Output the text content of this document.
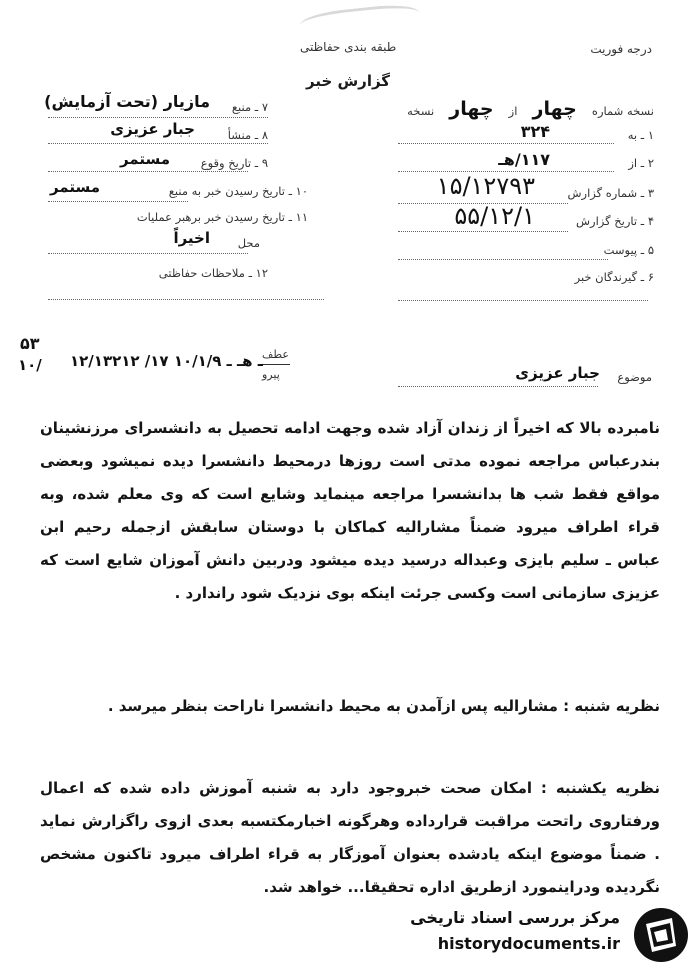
درجه فوریت
طبقه بندی حفاظتی
گزارش خبر
نسخه شماره چهار از چهار نسخه
۱ ـ به
۳۲۴
۲ ـ از
۱۱۷/هـ
۳ ـ شماره گزارش
۱۵/۱۲۷۹۳
۴ ـ تاریخ گزارش
۵۵/۱۲/۱
۵ ـ پیوست
۶ ـ گیرندگان خبر
۷ ـ منبع
مازیار (تحت آزمایش)
۸ ـ منشأ
جبار عزیزی
۹ ـ تاریخ وقوع
مستمر
۱۰ ـ تاریخ رسیدن خبر به منبع
مستمر
۱۱ ـ تاریخ رسیدن خبر برهبر عملیات
محل
اخیراً
۱۲ ـ ملاحظات حفاظتی
عطف
پیرو
۱۲/۱۳۲۱۲ /۱۷ ـ هـ ـ ۱۰/۱/۹
۵۳
۱۰/
موضوع
جبار عزیزی
نامبرده بالا که اخیراً از زندان آزاد شده وجهت ادامه تحصیل به دانشسرای مرزنشینان بندرعباس مراجعه نموده مدتی است روزها درمحیط دانشسرا دیده نمیشود وبعضی مواقع فقط شب ها بدانشسرا مراجعه مینماید وشایع است که وی معلم شده، وبه قراء اطراف میرود ضمناً مشارالیه کماکان با دوستان سابقش ازجمله رحیم ابن عباس ـ سلیم بایزی وعبداله درسید دیده میشود ودربین دانش آموزان شایع است که عزیزی سازمانی است وکسی جرئت اینکه بوی نزدیک شود راندارد .
نظریه شنبه : مشارالیه پس ازآمدن به محیط دانشسرا ناراحت بنظر میرسد .
نظریه یکشنبه : امکان صحت خبروجود دارد به شنبه آموزش داده شده که اعمال ورفتاروی راتحت مراقبت قرارداده وهرگونه اخبارمکتسبه بعدی ازوی راگزارش نماید . ضمناً موضوع اینکه یادشده بعنوان آموزگار به قراء اطراف میرود تاکنون مشخص نگردیده ودراینمورد ازطریق اداره تحقیقا... خواهد شد.
مرکز بررسی اسناد تاریخی
historydocuments.ir
